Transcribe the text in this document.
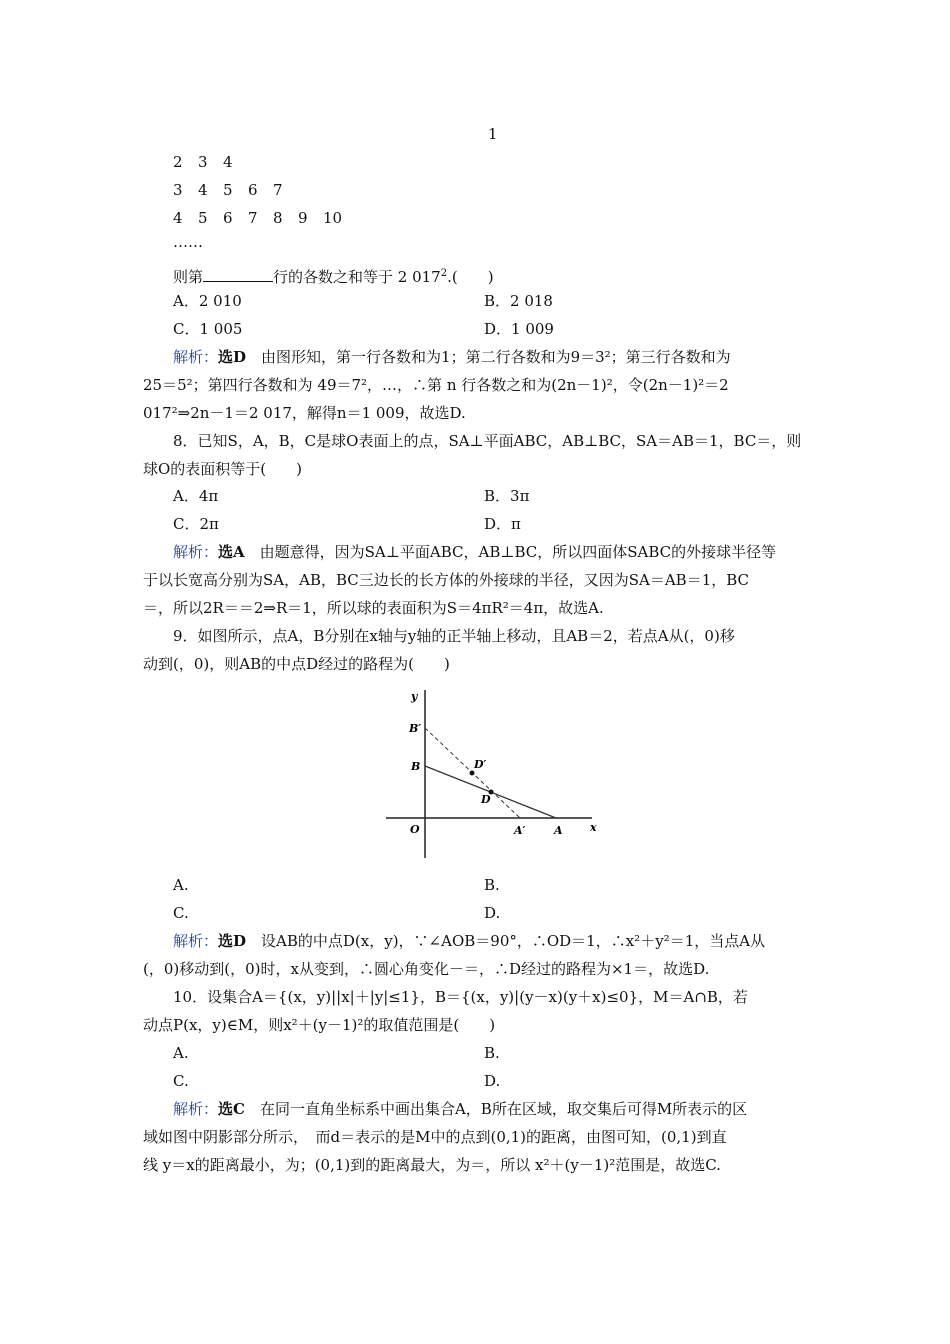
1
2 3 4
3 4 5 6 7
4 5 6 7 8 9 10
……
则第	行的各数之和等于 2 $017^2$.(　　)
A．2 010	B．2 018
C．1 005	D．1 009
解析：选D　由图形知，第一行各数和为1；第二行各数和为9＝3²；第三行各数和为
25＝5²；第四行各数和为 49＝7²，…，∴第 n 行各数之和为(2n－1)²，令(2n－1)²＝2
017²⇒2n－1＝2 017，解得n＝1 009，故选D.
8．已知S，A，B，C是球O表面上的点，SA⊥平面ABC，AB⊥BC，SA＝AB＝1，BC＝，则
球O的表面积等于(　　)
A．4π	B．3π
C．2π	D．π
解析：选A　由题意得，因为SA⊥平面ABC，AB⊥BC，所以四面体SABC的外接球半径等
于以长宽高分别为SA，AB，BC三边长的长方体的外接球的半径，又因为SA＝AB＝1，BC
＝，所以2R＝＝2⇒R＝1，所以球的表面积为S＝4πR²＝4π，故选A.
9．如图所示，点A，B分别在x轴与y轴的正半轴上移动，且AB＝2，若点A从(，0)移
动到(，0)，则AB的中点D经过的路程为(　　)
y
x
O	A
A′
B′
B
D
D′
A.	B.
C.	D.
解析：选D　设AB的中点D(x，y)，∵∠AOB＝90°，∴OD＝1，∴x²＋y²＝1，当点A从
(，0)移动到(，0)时，x从变到，∴圆心角变化－＝，∴D经过的路程为×1＝，故选D.
10．设集合A＝{(x，y)||x|＋|y|≤1}，B＝{(x，y)|(y－x)(y＋x)≤0}，M＝A∩B，若
动点P(x，y)∈M，则x²＋(y－1)²的取值范围是(　　)
A.	B.
C.	D.
解析：选C　在同一直角坐标系中画出集合A，B所在区域，取交集后可得M所表示的区
域如图中阴影部分所示，　而d＝表示的是M中的点到(0,1)的距离，由图可知，(0,1)到直
线 y＝x的距离最小，为；(0,1)到的距离最大，为＝，所以 x²＋(y－1)²范围是，故选C.
